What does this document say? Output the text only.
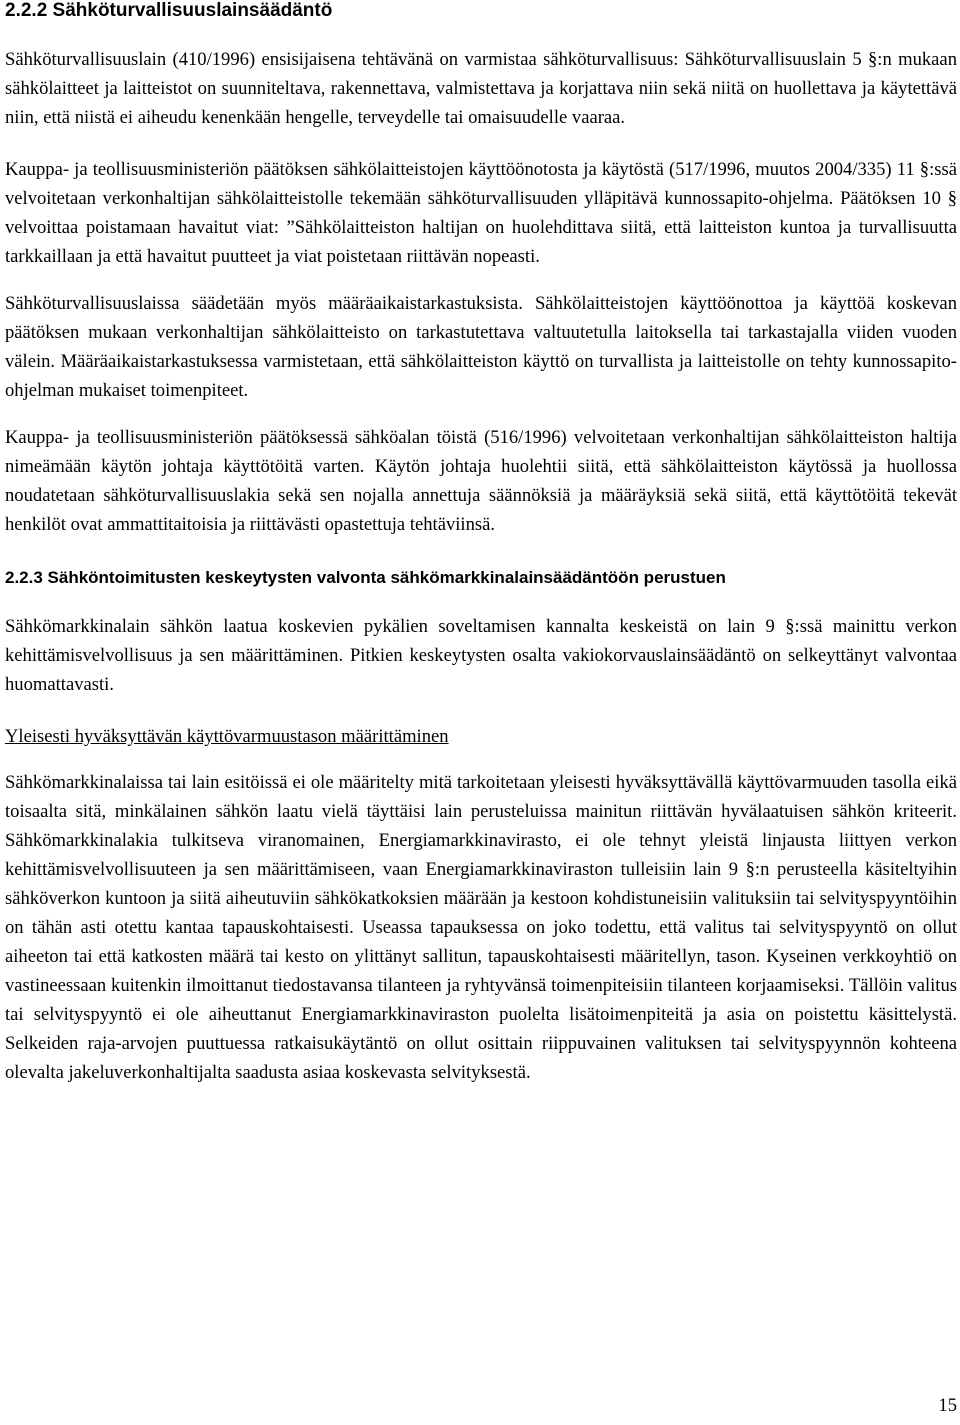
2.2.2 Sähköturvallisuuslainsäädäntö

Sähköturvallisuuslain (410/1996) ensisijaisena tehtävänä on varmistaa sähköturvallisuus: Sähköturvallisuuslain 5 §:n mukaan sähkölaitteet ja laitteistot on suunniteltava, rakennettava, valmistettava ja korjattava niin sekä niitä on huollettava ja käytettävä niin, että niistä ei aiheudu kenenkään hengelle, terveydelle tai omaisuudelle vaaraa.

Kauppa- ja teollisuusministeriön päätöksen sähkölaitteistojen käyttöönotosta ja käytöstä (517/1996, muutos 2004/335) 11 §:ssä velvoitetaan verkonhaltijan sähkölaitteistolle tekemään sähköturvallisuuden ylläpitävä kunnossapito-ohjelma. Päätöksen 10 § velvoittaa poistamaan havaitut viat: ”Sähkölaitteiston haltijan on huolehdittava siitä, että laitteiston kuntoa ja turvallisuutta tarkkaillaan ja että havaitut puutteet ja viat poistetaan riittävän nopeasti.

Sähköturvallisuuslaissa säädetään myös määräaikaistarkastuksista. Sähkölaitteistojen käyttöönottoa ja käyttöä koskevan päätöksen mukaan verkonhaltijan sähkölaitteisto on tarkastutettava valtuutetulla laitoksella tai tarkastajalla viiden vuoden välein. Määräaikaistarkastuksessa varmistetaan, että sähkölaitteiston käyttö on turvallista ja laitteistolle on tehty kunnossapito-ohjelman mukaiset toimenpiteet.

Kauppa- ja teollisuusministeriön päätöksessä sähköalan töistä (516/1996) velvoitetaan verkonhaltijan sähkölaitteiston haltija nimeämään käytön johtaja käyttötöitä varten. Käytön johtaja huolehtii siitä, että sähkölaitteiston käytössä ja huollossa noudatetaan sähköturvallisuuslakia sekä sen nojalla annettuja säännöksiä ja määräyksiä sekä siitä, että käyttötöitä tekevät henkilöt ovat ammattitaitoisia ja riittävästi opastettuja tehtäviinsä.

2.2.3 Sähköntoimitusten keskeytysten valvonta sähkömarkkinalainsäädäntöön perustuen

Sähkömarkkinalain sähkön laatua koskevien pykälien soveltamisen kannalta keskeistä on lain 9 §:ssä mainittu verkon kehittämisvelvollisuus ja sen määrittäminen. Pitkien keskeytysten osalta vakiokorvauslainsäädäntö on selkeyttänyt valvontaa huomattavasti.

Yleisesti hyväksyttävän käyttövarmuustason määrittäminen

Sähkömarkkinalaissa tai lain esitöissä ei ole määritelty mitä tarkoitetaan yleisesti hyväksyttävällä käyttövarmuuden tasolla eikä toisaalta sitä, minkälainen sähkön laatu vielä täyttäisi lain perusteluissa mainitun riittävän hyvälaatuisen sähkön kriteerit. Sähkömarkkinalakia tulkitseva viranomainen, Energiamarkkinavirasto, ei ole tehnyt yleistä linjausta liittyen verkon kehittämisvelvollisuuteen ja sen määrittämiseen, vaan Energiamarkkinaviraston tulleisiin lain 9 §:n perusteella käsiteltyihin sähköverkon kuntoon ja siitä aiheutuviin sähkökatkoksien määrään ja kestoon kohdistuneisiin valituksiin tai selvityspyyntöihin on tähän asti otettu kantaa tapauskohtaisesti. Useassa tapauksessa on joko todettu, että valitus tai selvityspyyntö on ollut aiheeton tai että katkosten määrä tai kesto on ylittänyt sallitun, tapauskohtaisesti määritellyn, tason. Kyseinen verkkoyhtiö on vastineessaan kuitenkin ilmoittanut tiedostavansa tilanteen ja ryhtyvänsä toimenpiteisiin tilanteen korjaamiseksi. Tällöin valitus tai selvityspyyntö ei ole aiheuttanut Energiamarkkinaviraston puolelta lisätoimenpiteitä ja asia on poistettu käsittelystä. Selkeiden raja-arvojen puuttuessa ratkaisukäytäntö on ollut osittain riippuvainen valituksen tai selvityspyynnön kohteena olevalta jakeluverkonhaltijalta saadusta asiaa koskevasta selvityksestä.

15
